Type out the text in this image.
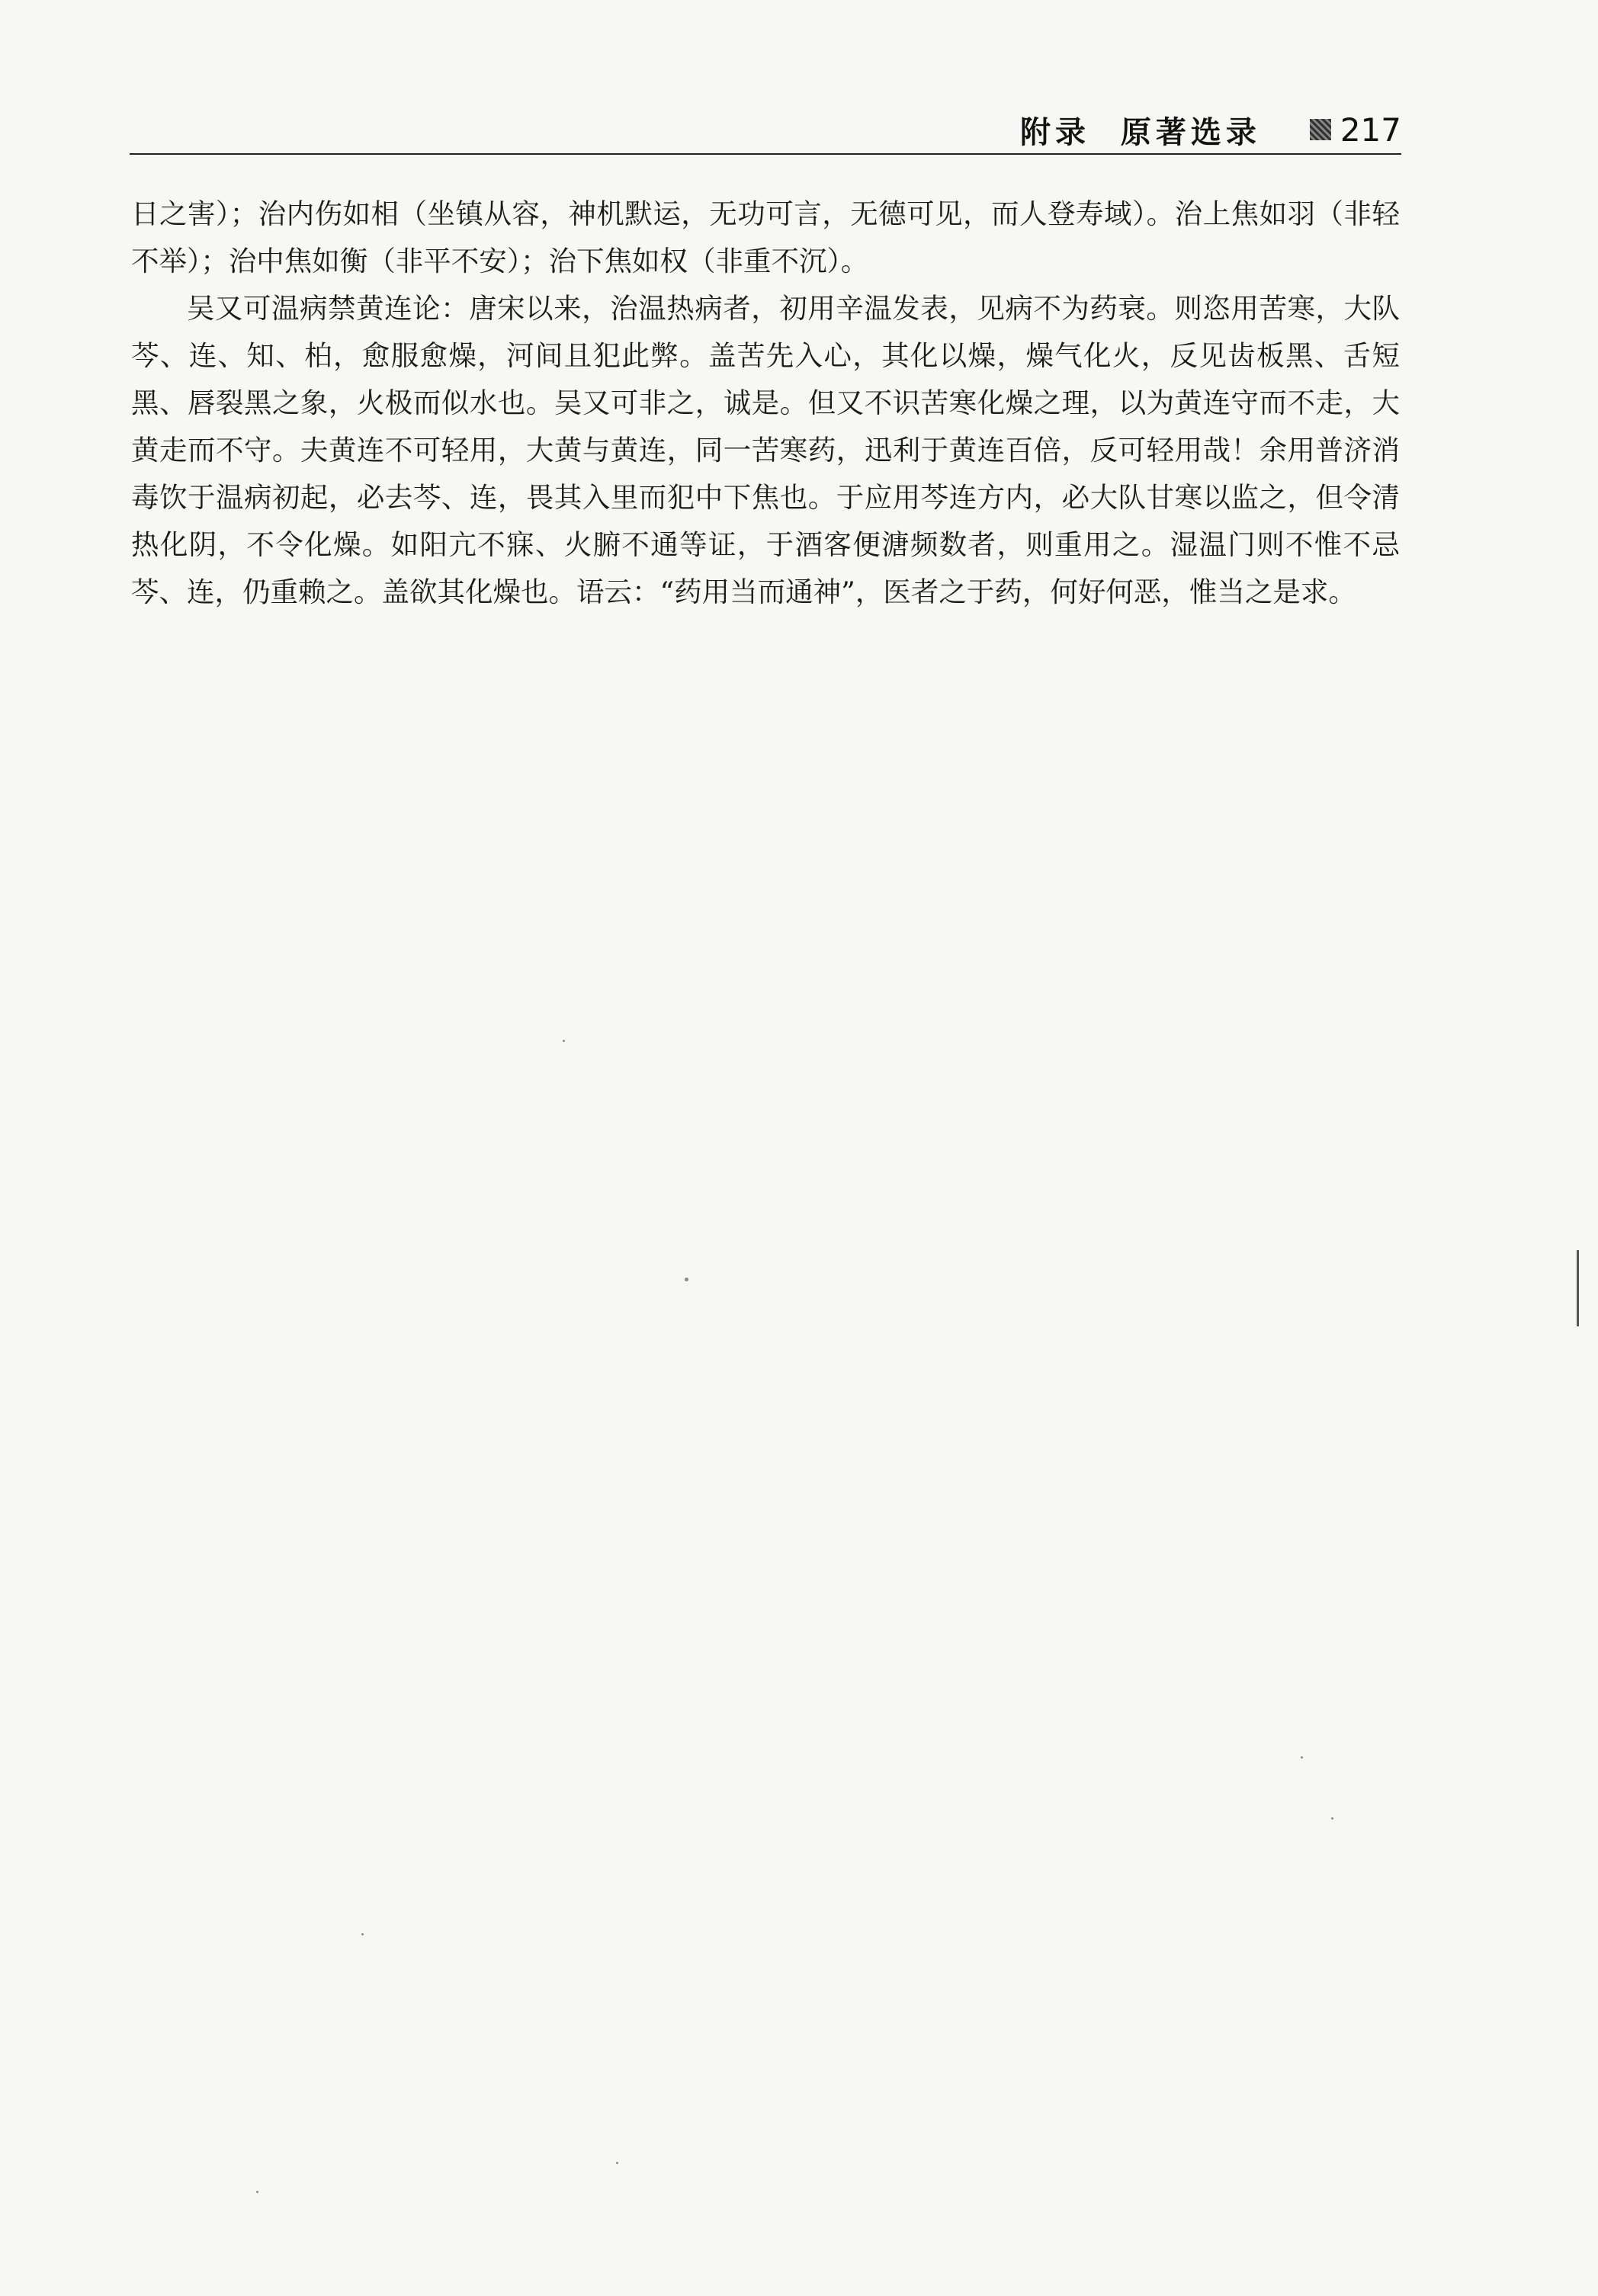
附录  原著选录 217

日之害）；治内伤如相（坐镇从容，神机默运，无功可言，无德可见，而人登寿域）。治上焦如羽（非轻不举）；治中焦如衡（非平不安）；治下焦如权（非重不沉）。

吴又可温病禁黄连论：唐宋以来，治温热病者，初用辛温发表，见病不为药衰。则恣用苦寒，大队芩、连、知、柏，愈服愈燥，河间且犯此弊。盖苦先入心，其化以燥，燥气化火，反见齿板黑、舌短黑、唇裂黑之象，火极而似水也。吴又可非之，诚是。但又不识苦寒化燥之理，以为黄连守而不走，大黄走而不守。夫黄连不可轻用，大黄与黄连，同一苦寒药，迅利于黄连百倍，反可轻用哉！余用普济消毒饮于温病初起，必去芩、连，畏其入里而犯中下焦也。于应用芩连方内，必大队甘寒以监之，但令清热化阴，不令化燥。如阳亢不寐、火腑不通等证，于酒客便溏频数者，则重用之。湿温门则不惟不忌芩、连，仍重赖之。盖欲其化燥也。语云：“药用当而通神”，医者之于药，何好何恶，惟当之是求。
